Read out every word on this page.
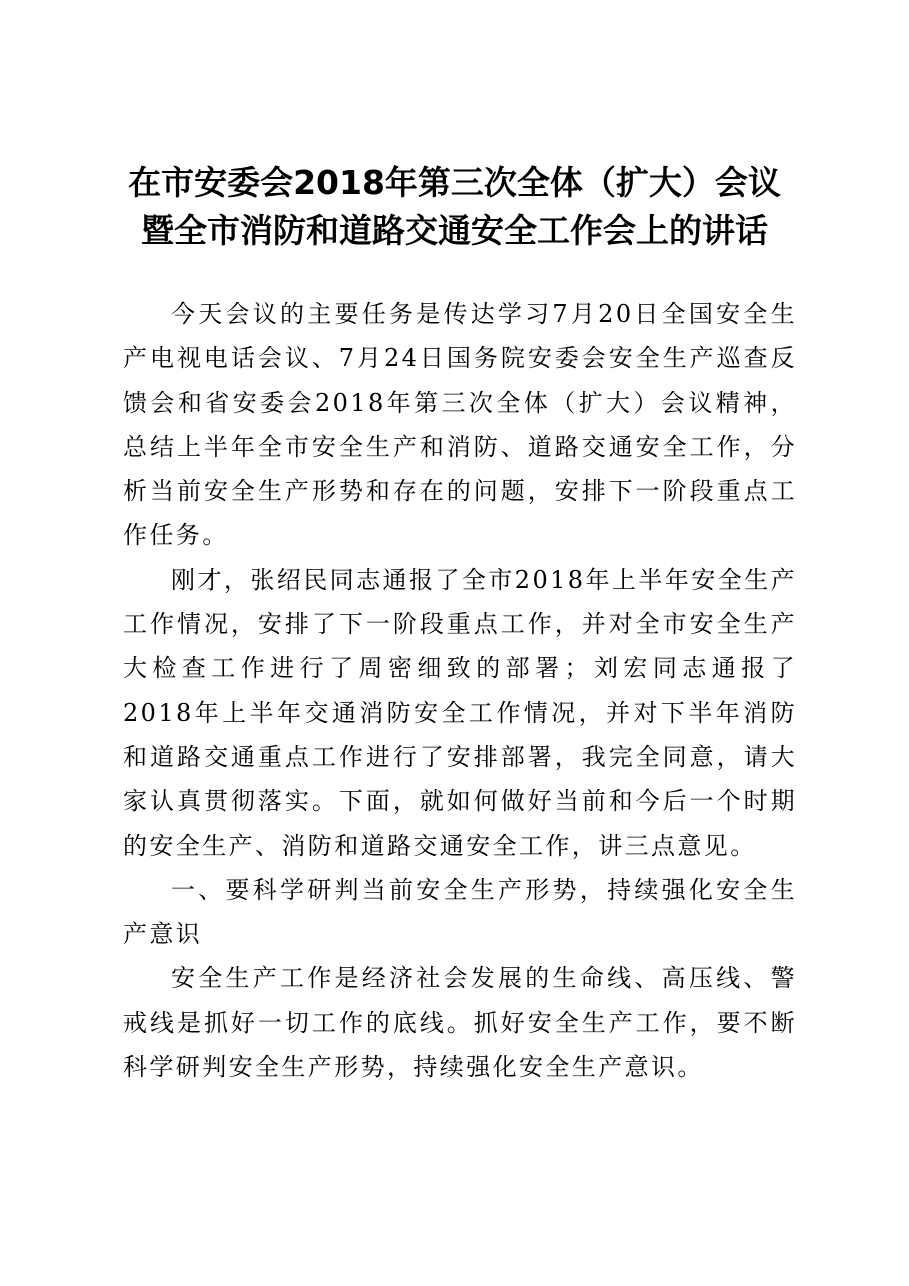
在市安委会2018年第三次全体（扩大）会议
暨全市消防和道路交通安全工作会上的讲话

今天会议的主要任务是传达学习7月20日全国安全生产电视电话会议、7月24日国务院安委会安全生产巡查反馈会和省安委会2018年第三次全体（扩大）会议精神，总结上半年全市安全生产和消防、道路交通安全工作，分析当前安全生产形势和存在的问题，安排下一阶段重点工作任务。

刚才，张绍民同志通报了全市2018年上半年安全生产工作情况，安排了下一阶段重点工作，并对全市安全生产大检查工作进行了周密细致的部署；刘宏同志通报了2018年上半年交通消防安全工作情况，并对下半年消防和道路交通重点工作进行了安排部署，我完全同意，请大家认真贯彻落实。下面，就如何做好当前和今后一个时期的安全生产、消防和道路交通安全工作，讲三点意见。

一、要科学研判当前安全生产形势，持续强化安全生产意识

安全生产工作是经济社会发展的生命线、高压线、警戒线是抓好一切工作的底线。抓好安全生产工作，要不断科学研判安全生产形势，持续强化安全生产意识。
